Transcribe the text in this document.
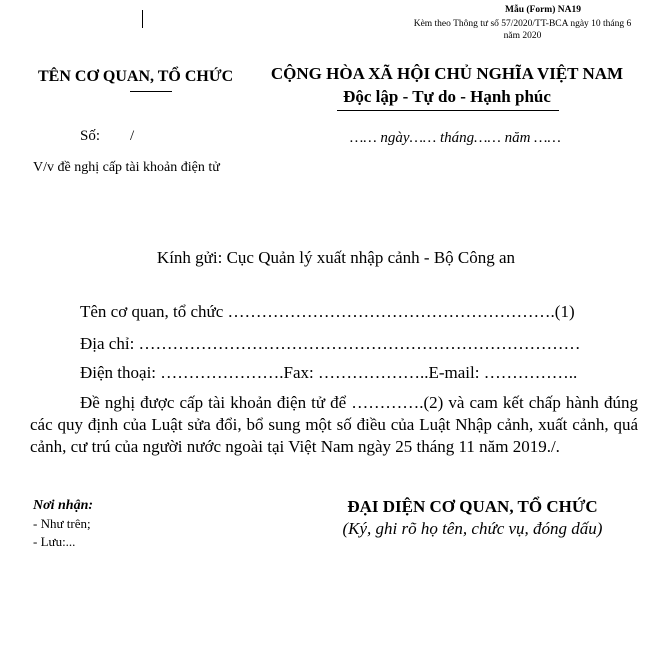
Mẫu (Form) NA19
Kèm theo Thông tư số 57/2020/TT-BCA ngày 10 tháng 6 năm 2020
TÊN CƠ QUAN, TỔ CHỨC	CỘNG HÒA XÃ HỘI CHỦ NGHĨA VIỆT NAM
Độc lập - Tự do - Hạnh phúc
Số:        /	…… ngày…… tháng…… năm ……
V/v đề nghị cấp tài khoản điện tử
Kính gửi: Cục Quản lý xuất nhập cảnh - Bộ Công an
Tên cơ quan, tổ chức ………………………………………………….(1)
Địa chỉ: ……………………………………………………………………
Điện thoại: ………………….Fax: ………………..E-mail: ……………..
Đề nghị được cấp tài khoản điện tử để ………….(2) và cam kết chấp hành đúng các quy định của Luật sửa đổi, bổ sung một số điều của Luật Nhập cảnh, xuất cảnh, quá cảnh, cư trú của người nước ngoài tại Việt Nam ngày 25 tháng 11 năm 2019./.
Nơi nhận:
- Như trên;
- Lưu:...
ĐẠI DIỆN CƠ QUAN, TỔ CHỨC
(Ký, ghi rõ họ tên, chức vụ, đóng dấu)
